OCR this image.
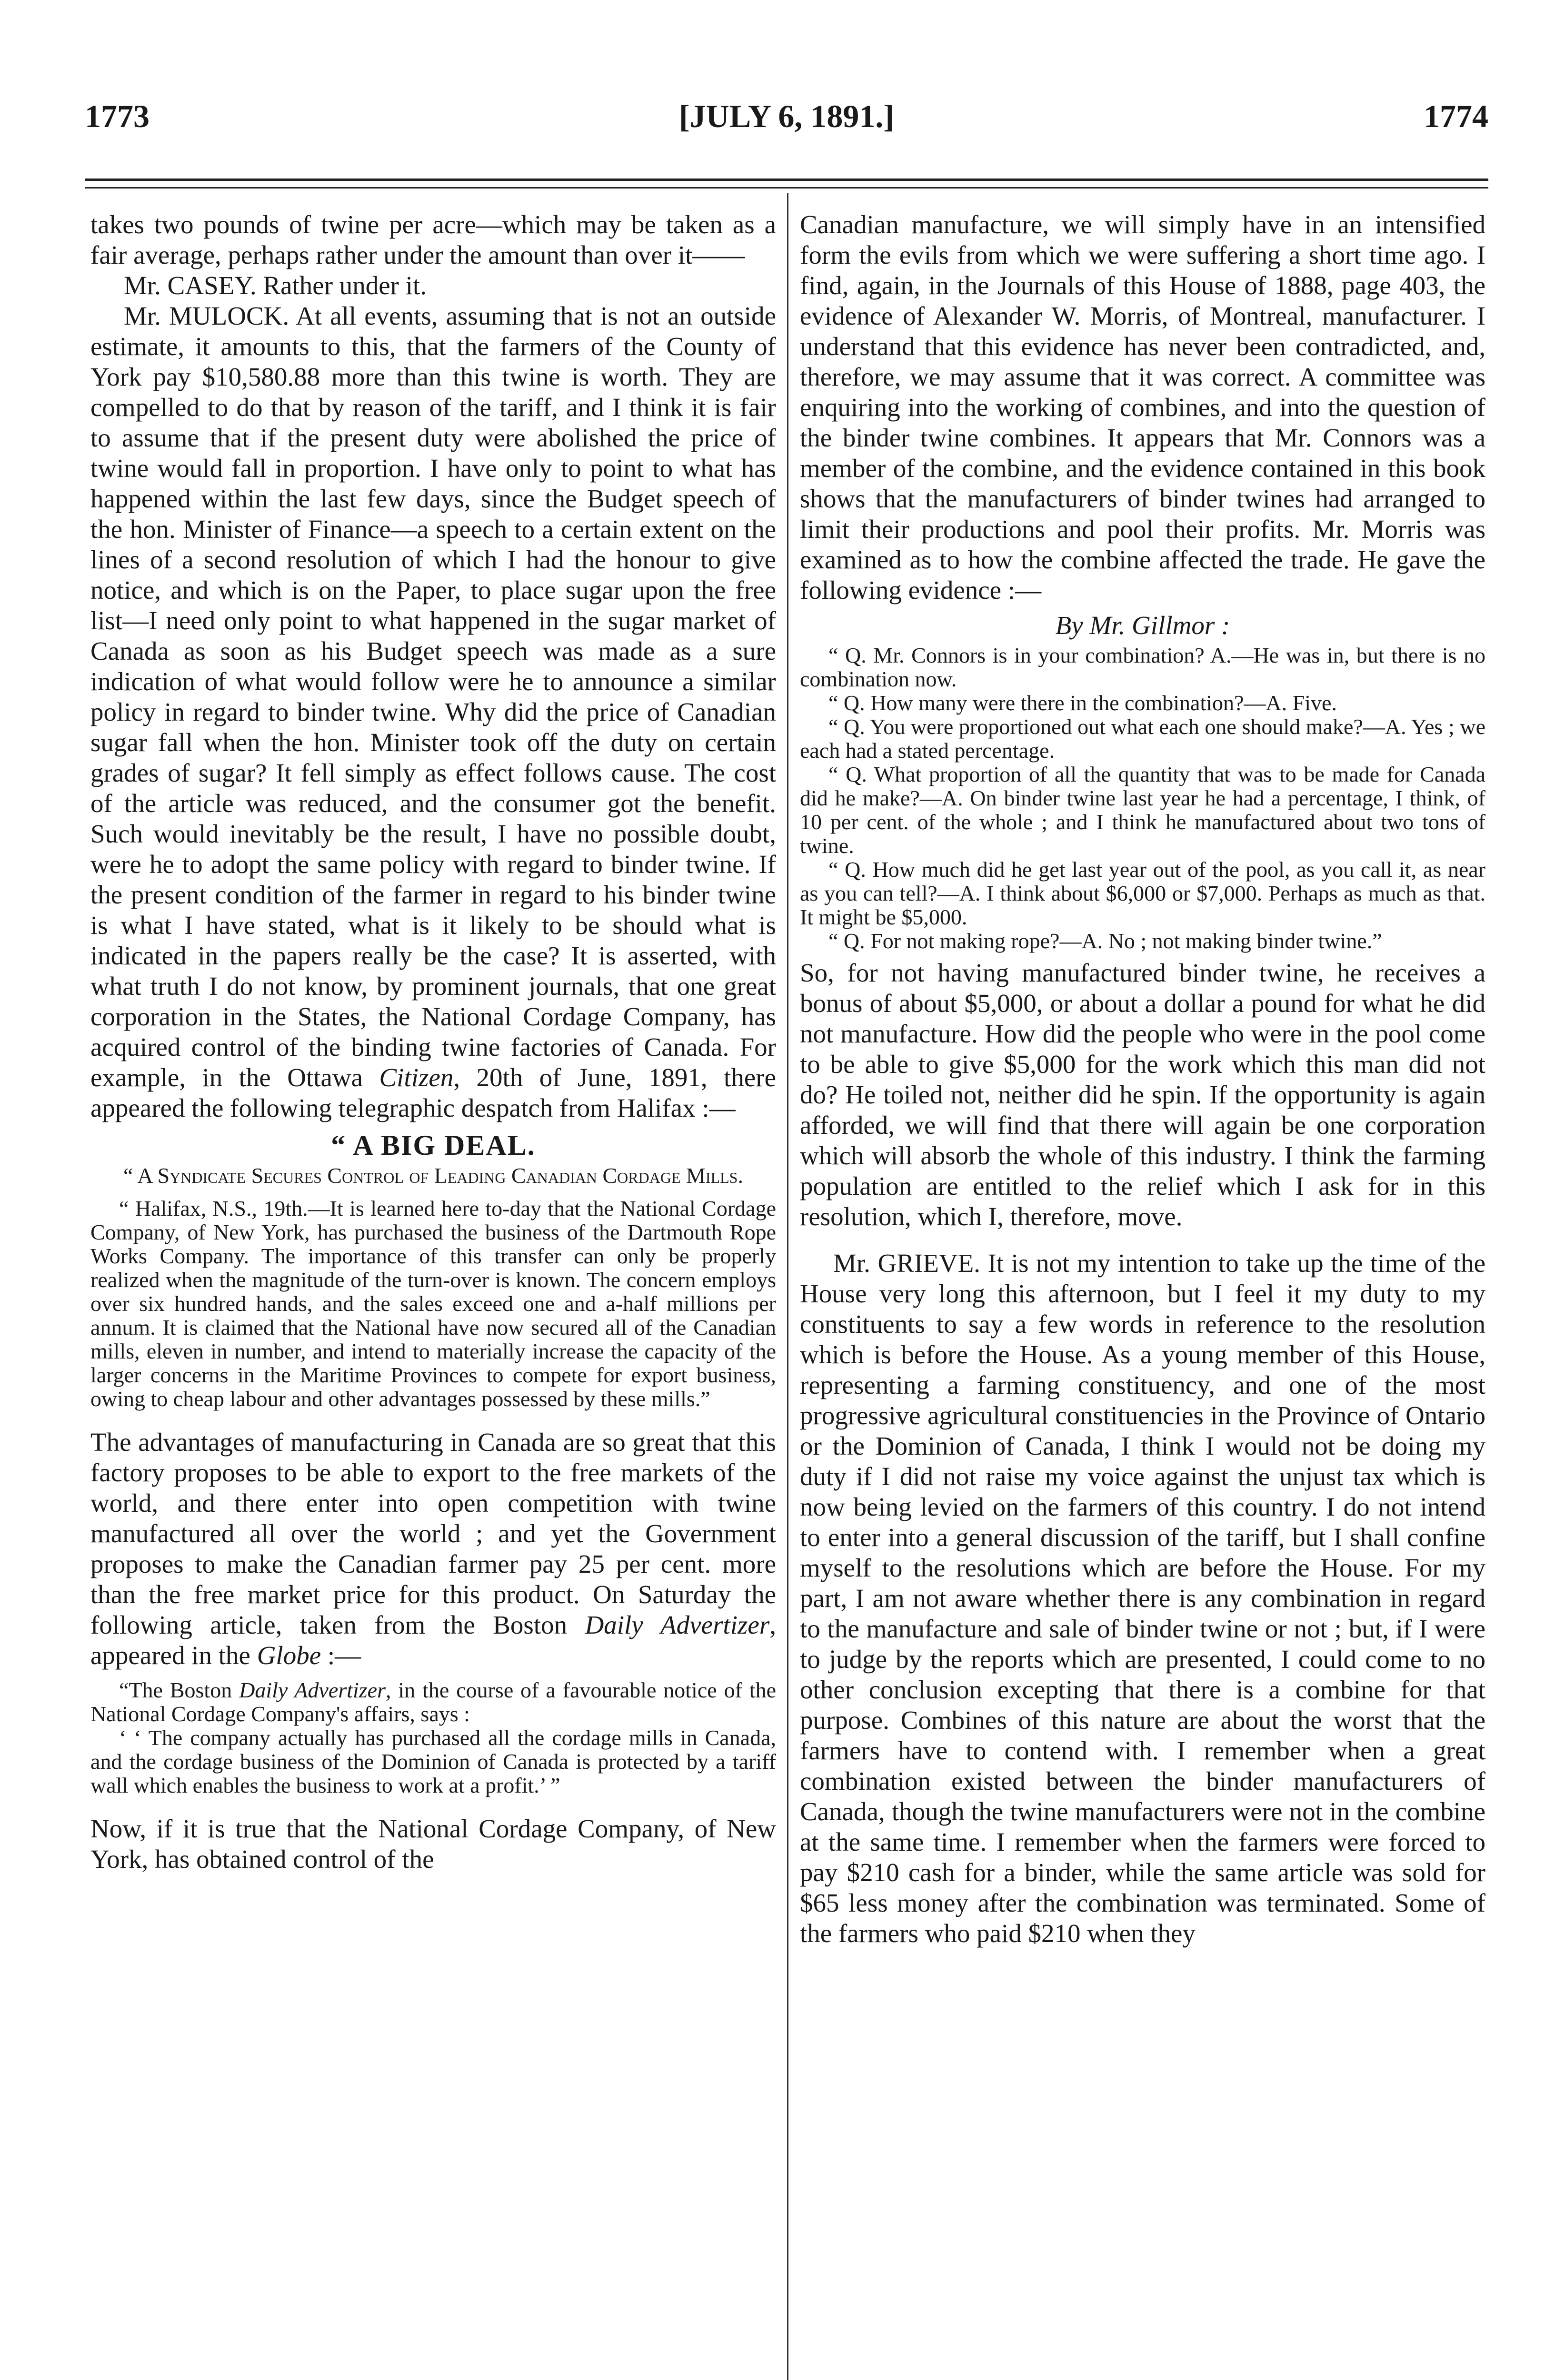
1773	[JULY 6, 1891.]	1774

takes two pounds of twine per acre—which may be taken as a fair average, perhaps rather under the amount than over it——

Mr. CASEY. Rather under it.

Mr. MULOCK. At all events, assuming that is not an outside estimate, it amounts to this, that the farmers of the County of York pay $10,580.88 more than this twine is worth. They are compelled to do that by reason of the tariff, and I think it is fair to assume that if the present duty were abolished the price of twine would fall in proportion. I have only to point to what has happened within the last few days, since the Budget speech of the hon. Minister of Finance—a speech to a certain extent on the lines of a second resolution of which I had the honour to give notice, and which is on the Paper, to place sugar upon the free list—I need only point to what happened in the sugar market of Canada as soon as his Budget speech was made as a sure indication of what would follow were he to announce a similar policy in regard to binder twine. Why did the price of Canadian sugar fall when the hon. Minister took off the duty on certain grades of sugar? It fell simply as effect follows cause. The cost of the article was reduced, and the consumer got the benefit. Such would inevitably be the result, I have no possible doubt, were he to adopt the same policy with regard to binder twine. If the present condition of the farmer in regard to his binder twine is what I have stated, what is it likely to be should what is indicated in the papers really be the case? It is asserted, with what truth I do not know, by prominent journals, that one great corporation in the States, the National Cordage Company, has acquired control of the binding twine factories of Canada. For example, in the Ottawa Citizen, 20th of June, 1891, there appeared the following telegraphic despatch from Halifax :—

“ A BIG DEAL.
“ A Syndicate Secures Control of Leading Canadian Cordage Mills.

“ Halifax, N.S., 19th.—It is learned here to-day that the National Cordage Company, of New York, has purchased the business of the Dartmouth Rope Works Company. The importance of this transfer can only be properly realized when the magnitude of the turn-over is known. The concern employs over six hundred hands, and the sales exceed one and a-half millions per annum. It is claimed that the National have now secured all of the Canadian mills, eleven in number, and intend to materially increase the capacity of the larger concerns in the Maritime Provinces to compete for export business, owing to cheap labour and other advantages possessed by these mills.”

The advantages of manufacturing in Canada are so great that this factory proposes to be able to export to the free markets of the world, and there enter into open competition with twine manufactured all over the world ; and yet the Government proposes to make the Canadian farmer pay 25 per cent. more than the free market price for this product. On Saturday the following article, taken from the Boston Daily Advertizer, appeared in the Globe :—

“The Boston Daily Advertizer, in the course of a favourable notice of the National Cordage Company's affairs, says :

‘ ‘ The company actually has purchased all the cordage mills in Canada, and the cordage business of the Dominion of Canada is protected by a tariff wall which enables the business to work at a profit.’ ”

Now, if it is true that the National Cordage Company, of New York, has obtained control of the

Canadian manufacture, we will simply have in an intensified form the evils from which we were suffering a short time ago. I find, again, in the Journals of this House of 1888, page 403, the evidence of Alexander W. Morris, of Montreal, manufacturer. I understand that this evidence has never been contradicted, and, therefore, we may assume that it was correct. A committee was enquiring into the working of combines, and into the question of the binder twine combines. It appears that Mr. Connors was a member of the combine, and the evidence contained in this book shows that the manufacturers of binder twines had arranged to limit their productions and pool their profits. Mr. Morris was examined as to how the combine affected the trade. He gave the following evidence :—

By Mr. Gillmor :

“ Q. Mr. Connors is in your combination? A.—He was in, but there is no combination now.

“ Q. How many were there in the combination?—A. Five.

“ Q. You were proportioned out what each one should make?—A. Yes ; we each had a stated percentage.

“ Q. What proportion of all the quantity that was to be made for Canada did he make?—A. On binder twine last year he had a percentage, I think, of 10 per cent. of the whole ; and I think he manufactured about two tons of twine.

“ Q. How much did he get last year out of the pool, as you call it, as near as you can tell?—A. I think about $6,000 or $7,000. Perhaps as much as that. It might be $5,000.

“ Q. For not making rope?—A. No ; not making binder twine.”

So, for not having manufactured binder twine, he receives a bonus of about $5,000, or about a dollar a pound for what he did not manufacture. How did the people who were in the pool come to be able to give $5,000 for the work which this man did not do? He toiled not, neither did he spin. If the opportunity is again afforded, we will find that there will again be one corporation which will absorb the whole of this industry. I think the farming population are entitled to the relief which I ask for in this resolution, which I, therefore, move.

Mr. GRIEVE. It is not my intention to take up the time of the House very long this afternoon, but I feel it my duty to my constituents to say a few words in reference to the resolution which is before the House. As a young member of this House, representing a farming constituency, and one of the most progressive agricultural constituencies in the Province of Ontario or the Dominion of Canada, I think I would not be doing my duty if I did not raise my voice against the unjust tax which is now being levied on the farmers of this country. I do not intend to enter into a general discussion of the tariff, but I shall confine myself to the resolutions which are before the House. For my part, I am not aware whether there is any combination in regard to the manufacture and sale of binder twine or not ; but, if I were to judge by the reports which are presented, I could come to no other conclusion excepting that there is a combine for that purpose. Combines of this nature are about the worst that the farmers have to contend with. I remember when a great combination existed between the binder manufacturers of Canada, though the twine manufacturers were not in the combine at the same time. I remember when the farmers were forced to pay $210 cash for a binder, while the same article was sold for $65 less money after the combination was terminated. Some of the farmers who paid $210 when they
